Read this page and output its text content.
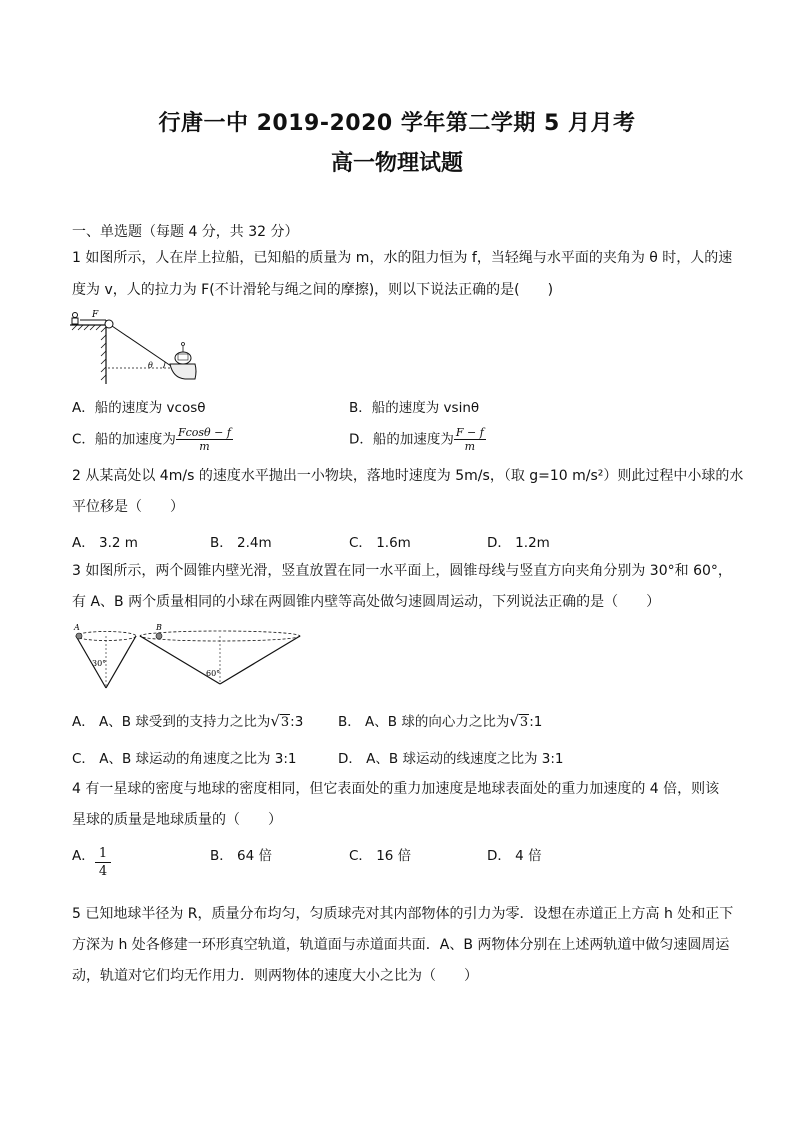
行唐一中 2019-2020 学年第二学期 5 月月考
高一物理试题
一、单选题（每题 4 分，共 32 分）
1 如图所示，人在岸上拉船，已知船的质量为 m，水的阻力恒为 f，当轻绳与水平面的夹角为 θ 时，人的速
度为 v，人的拉力为 F(不计滑轮与绳之间的摩擦)，则以下说法正确的是(　　)
θ
F
A．船的速度为 vcosθ	B．船的速度为 vsinθ
C．船的加速度为 $\frac{Fcos\theta - f}{m}$	D．船的加速度为 $\frac{F - f}{m}$
2 从某高处以 4m/s 的速度水平抛出一小物块，落地时速度为 5m/s，（取 g=10 m/s²）则此过程中小球的水
平位移是（　　）
A． 3.2 m	B． 2.4m	C． 1.6m	D． 1.2m
3 如图所示，两个圆锥内壁光滑，竖直放置在同一水平面上，圆锥母线与竖直方向夹角分别为 30°和 60°，
有 A、B 两个质量相同的小球在两圆锥内壁等高处做匀速圆周运动，下列说法正确的是（　　）
A
30°
B
60°
A． A、B 球受到的支持力之比为√3:3	B． A、B 球的向心力之比为√3:1
C． A、B 球运动的角速度之比为 3:1	D． A、B 球运动的线速度之比为 3:1
4 有一星球的密度与地球的密度相同，但它表面处的重力加速度是地球表面处的重力加速度的 4 倍，则该
星球的质量是地球质量的（　　）
A． $\frac{1}{4}$	B． 64 倍	C． 16 倍	D． 4 倍
5 已知地球半径为 R，质量分布均匀，匀质球壳对其内部物体的引力为零．设想在赤道正上方高 h 处和正下
方深为 h 处各修建一环形真空轨道，轨道面与赤道面共面．A、B 两物体分别在上述两轨道中做匀速圆周运
动，轨道对它们均无作用力．则两物体的速度大小之比为（　　）
